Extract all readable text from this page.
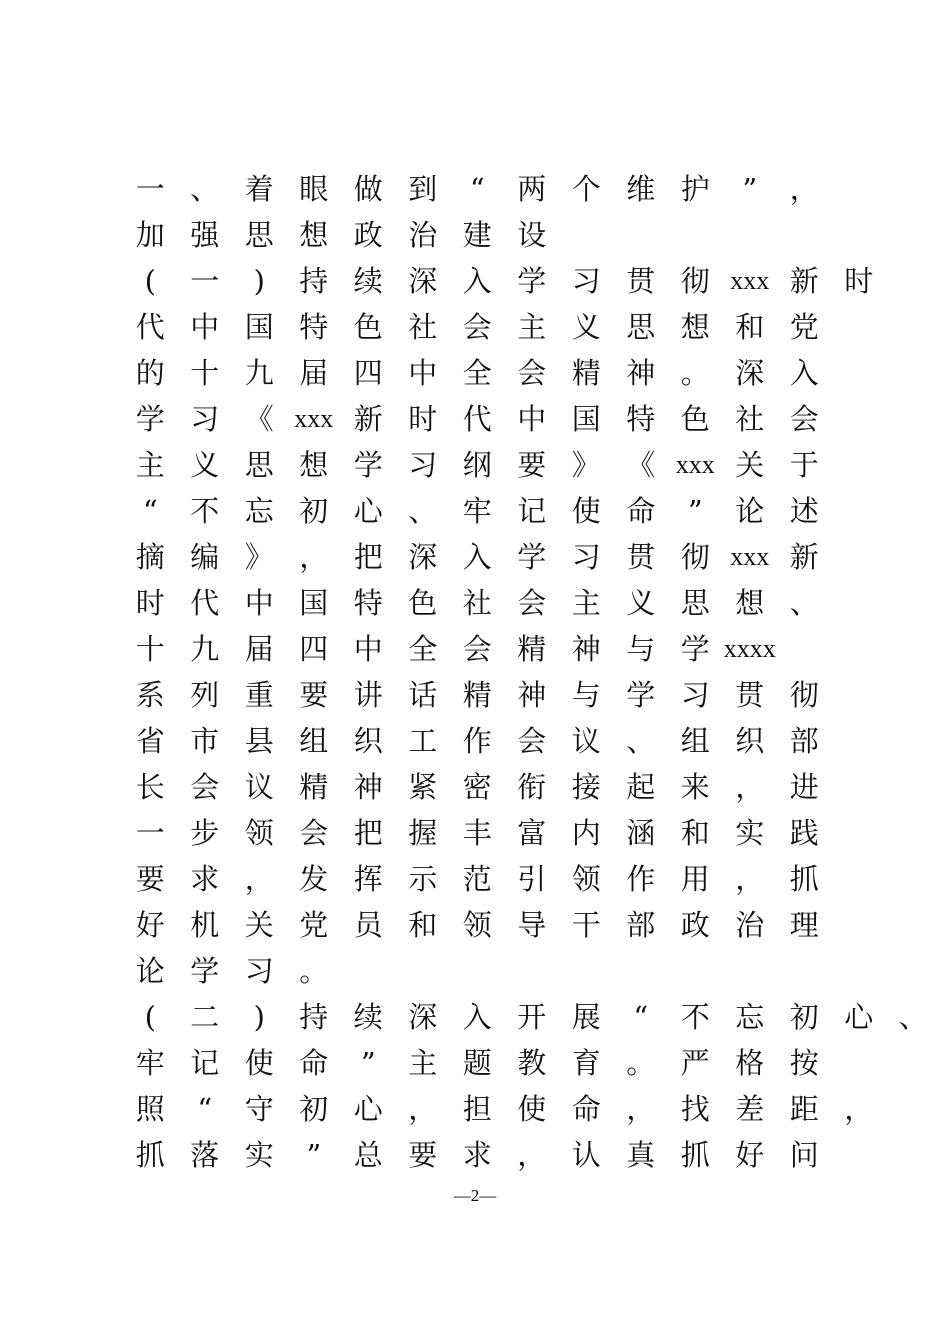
一 、 着 眼 做 到	“	两 个 维 护	”	，
加 强 思 想 政 治 建 设
(	一	)	持 续 深 入 学 习 贯 彻 xxx 新 时
代 中 国 特 色 社 会 主 义 思 想 和 党
的 十 九 届 四 中 全 会 精 神 。 深 入
学 习 《 xxx 新 时 代 中 国 特 色 社 会
主 义 思 想 学 习 纲 要 》 《 xxx 关 于
“	不 忘 初 心 、 牢 记 使 命	”	论 述
摘 编 》 ， 把 深 入 学 习 贯 彻 xxx 新
时 代 中 国 特 色 社 会 主 义 思 想 、
十 九 届 四 中 全 会 精 神 与 学 xxxx
系 列 重 要 讲 话 精 神 与 学 习 贯 彻
省 市 县 组 织 工 作 会 议 、 组 织 部
长 会 议 精 神 紧 密 衔 接 起 来 ， 进
一 步 领 会 把 握 丰 富 内 涵 和 实 践
要 求 ， 发 挥 示 范 引 领 作 用 ， 抓
好 机 关 党 员 和 领 导 干 部 政 治 理
论 学 习 。
(	二	)	持 续 深 入 开 展	“	不 忘 初 心 、
牢 记 使 命	”	主 题 教 育 。 严 格 按
照	“	守 初 心 ， 担 使 命 ， 找 差 距 ，
抓 落 实	”	总 要 求 ， 认 真 抓 好 问
—2—
